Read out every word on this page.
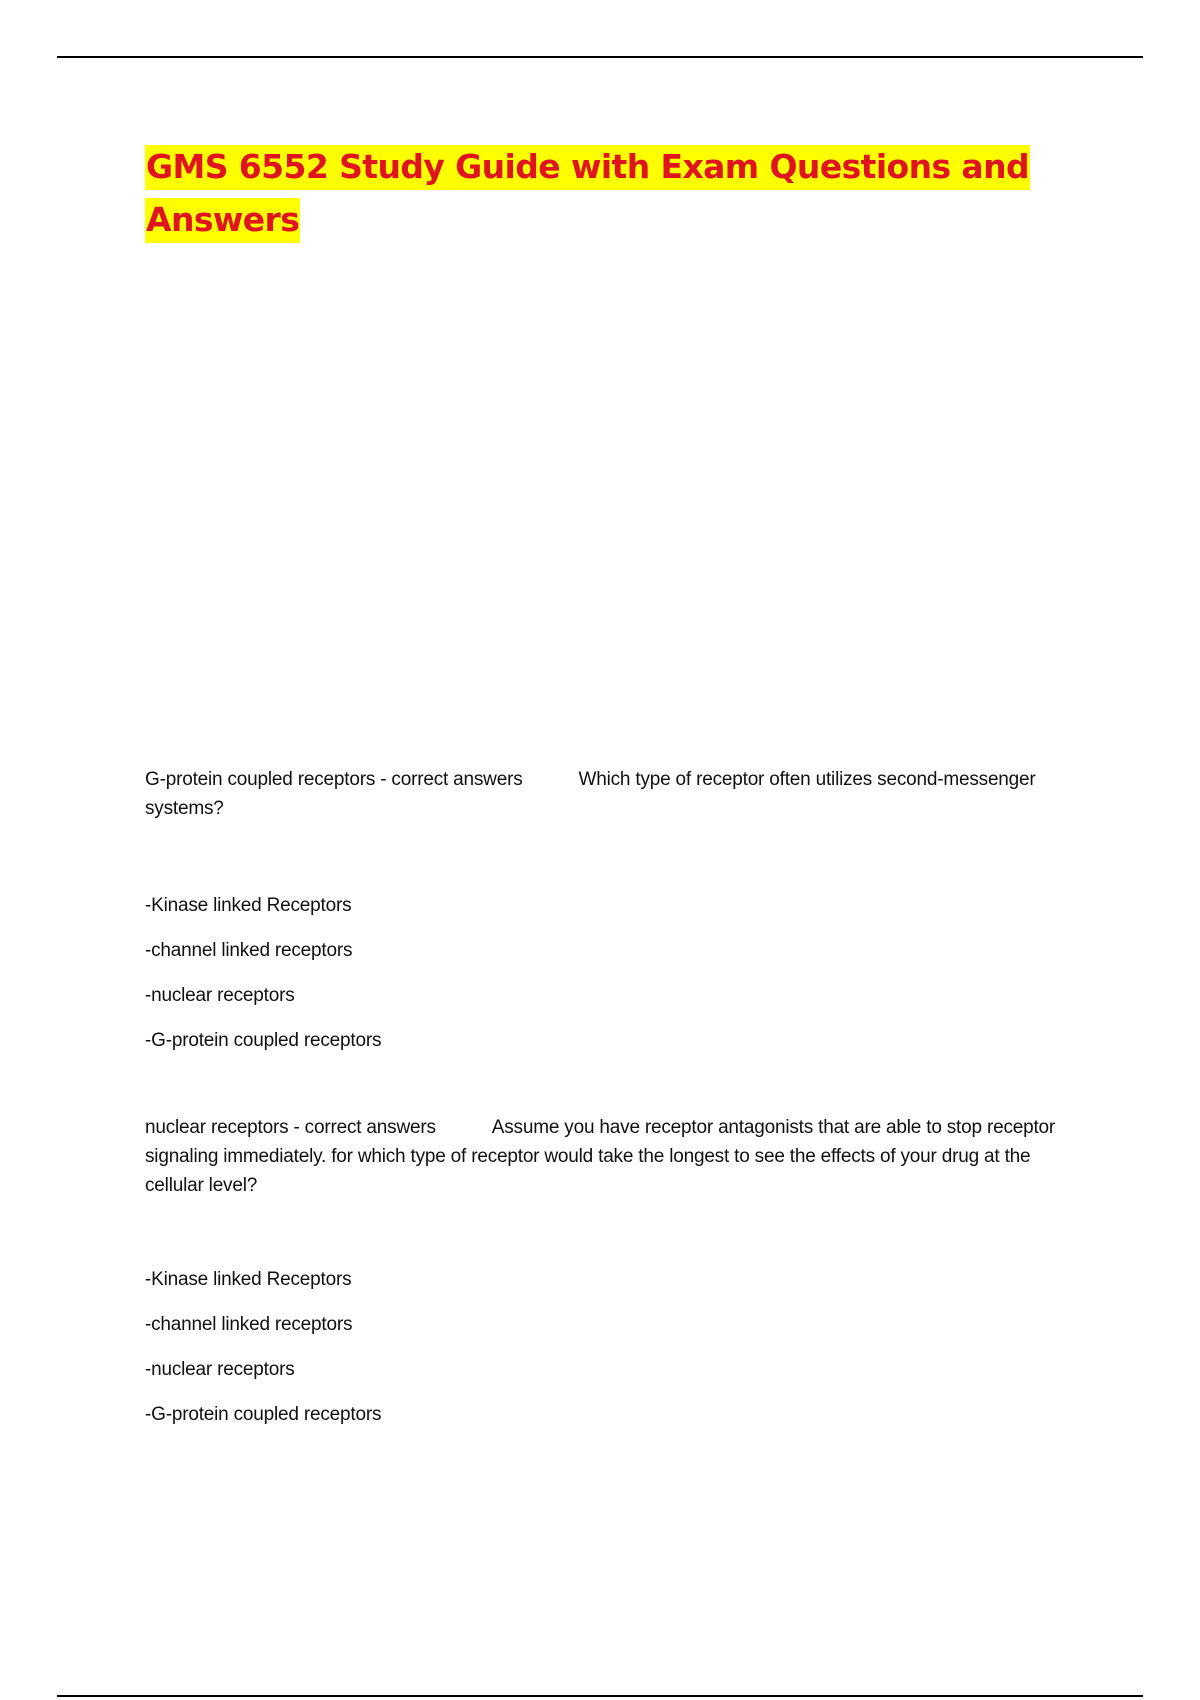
GMS 6552 Study Guide with Exam Questions and Answers

G-protein coupled receptors - correct answers	Which type of receptor often utilizes second-messenger systems?

-Kinase linked Receptors
-channel linked receptors
-nuclear receptors
-G-protein coupled receptors

nuclear receptors - correct answers	Assume you have receptor antagonists that are able to stop receptor signaling immediately. for which type of receptor would take the longest to see the effects of your drug at the cellular level?

-Kinase linked Receptors
-channel linked receptors
-nuclear receptors
-G-protein coupled receptors
